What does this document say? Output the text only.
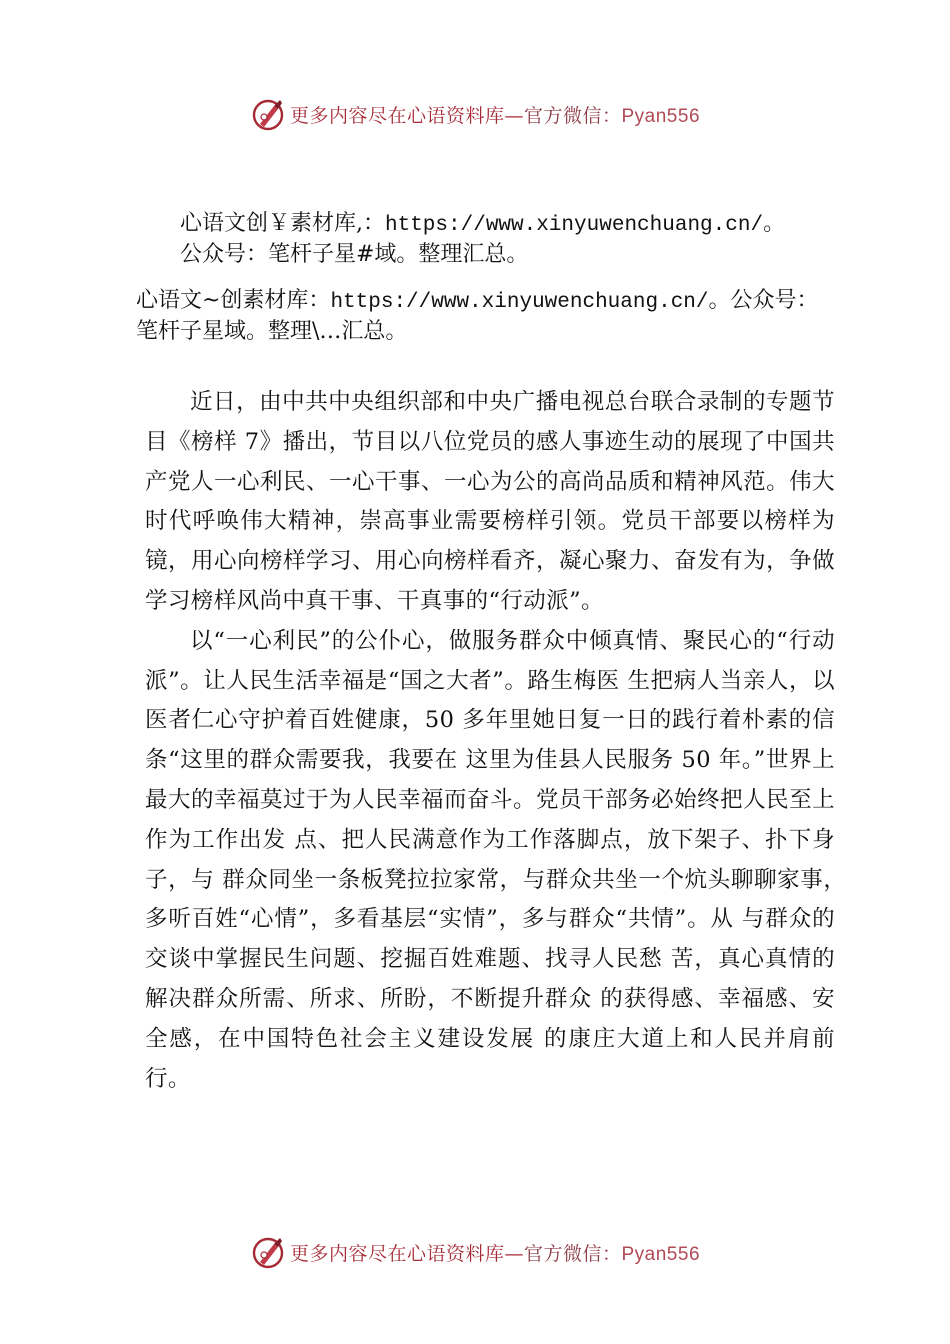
更多内容尽在心语资料库—官方微信：Pyan556
心语文创￥素材库,：https://www.xinyuwenchuang.cn/。
公众号：笔杆子星#域。整理汇总。
心语文~创素材库：https://www.xinyuwenchuang.cn/。公众号：
笔杆子星域。整理\…汇总。

近日，由中共中央组织部和中央广播电视总台联合录制的专题节目《榜样 7》播出，节目以八位党员的感人事迹生动的展现了中国共产党人一心利民、一心干事、一心为公的高尚品质和精神风范。伟大时代呼唤伟大精神，崇高事业需要榜样引领。党员干部要以榜样为镜，用心向榜样学习、用心向榜样看齐，凝心聚力、奋发有为，争做学习榜样风尚中真干事、干真事的“行动派”。

以“一心利民”的公仆心，做服务群众中倾真情、聚民心的“行动派”。让人民生活幸福是“国之大者”。路生梅医 生把病人当亲人，以医者仁心守护着百姓健康，50 多年里她日复一日的践行着朴素的信条“这里的群众需要我，我要在 这里为佳县人民服务 50 年。”世界上最大的幸福莫过于为人民幸福而奋斗。党员干部务必始终把人民至上作为工作出发 点、把人民满意作为工作落脚点，放下架子、扑下身子，与 群众同坐一条板凳拉拉家常，与群众共坐一个炕头聊聊家事，　多听百姓“心情”，多看基层“实情”，多与群众“共情”。从 与群众的交谈中掌握民生问题、挖掘百姓难题、找寻人民愁 苦，真心真情的解决群众所需、所求、所盼，不断提升群众 的获得感、幸福感、安全感，在中国特色社会主义建设发展 的康庄大道上和人民并肩前行。

更多内容尽在心语资料库—官方微信：Pyan556
